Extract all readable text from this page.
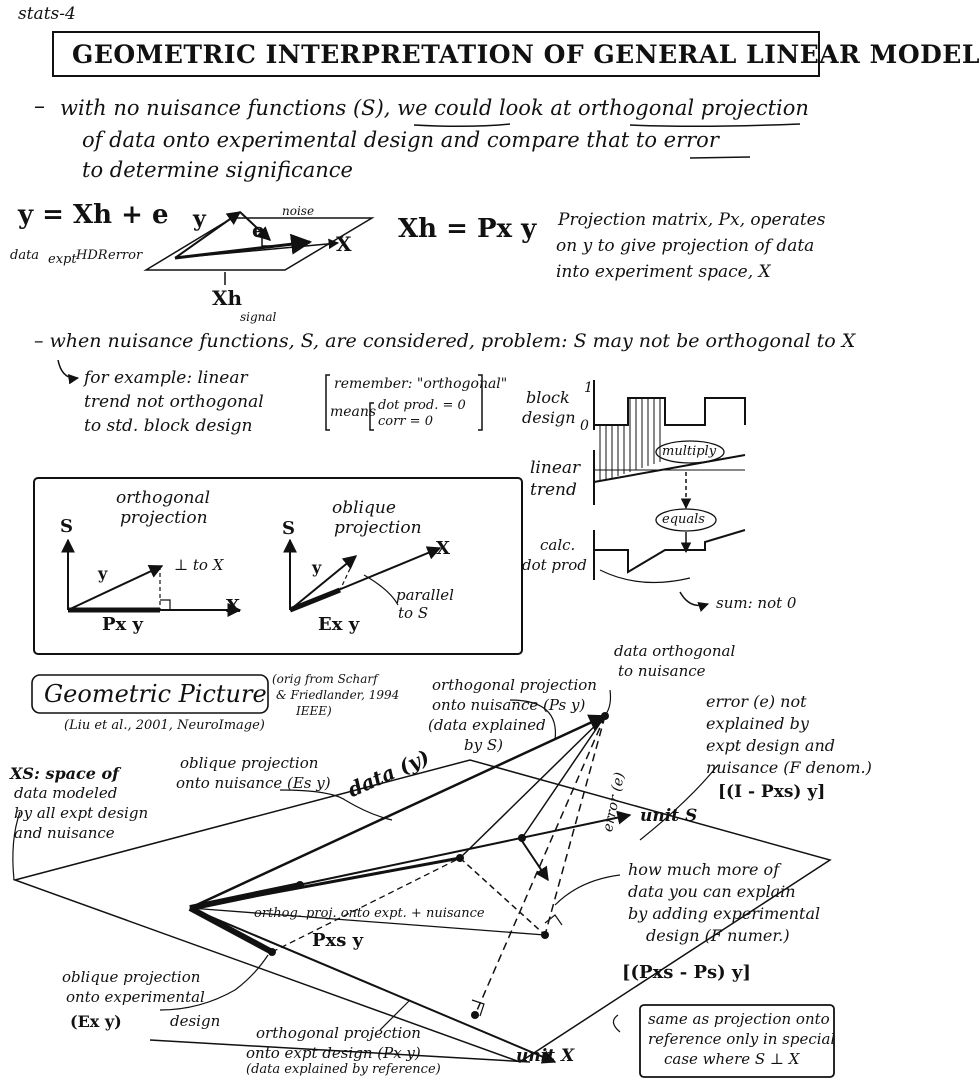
stats-4
GEOMETRIC INTERPRETATION OF GENERAL LINEAR MODEL
– with no nuisance functions (S), we could look at orthogonal projection
of data onto experimental design and compare that to error
to determine significance
y = Xh + e
data expt HDR error
y e
X
noise
Xh
signal
Xh = Px y Projection matrix, Px, operates
on y to give projection of data
into experiment space, X
– when nuisance functions, S, are considered, problem: S may not be orthogonal to X
for example: linear
trend not orthogonal
to std. block design
remember: "orthogonal"
means dot prod. = 0
corr = 0
block
design
1
0
linear
trend
multiply
equals
calc.
dot prod
sum: not 0
orthogonal
projection
S
y	⊥ to X
X
Px y
oblique
projection
S
y
X
parallel
to S
Ex y
Geometric Picture
(Liu et al., 2001, NeuroImage)
(orig from Scharf
& Friedlander, 1994
IEEE)
XS: space of
data modeled
by all expt design
and nuisance
oblique projection
onto nuisance (Es y)
orthogonal projection
onto nuisance (Ps y)
(data explained
by S)
data orthogonal
to nuisance
data (y)	error (e)
error (e) not
explained by
expt design and
nuisance (F denom.)
[(I - Pxs) y]
unit S
how much more of
data you can explain
by adding experimental
design (F numer.)
[(Pxs - Ps) y]
orthog. proj. onto expt. + nuisance
Pxs y
oblique projection
onto experimental
(Ex y)	design
orthogonal projection
onto expt design (Px y)
(data explained by reference)
unit X
same as projection onto
reference only in special
case where S ⊥ X
